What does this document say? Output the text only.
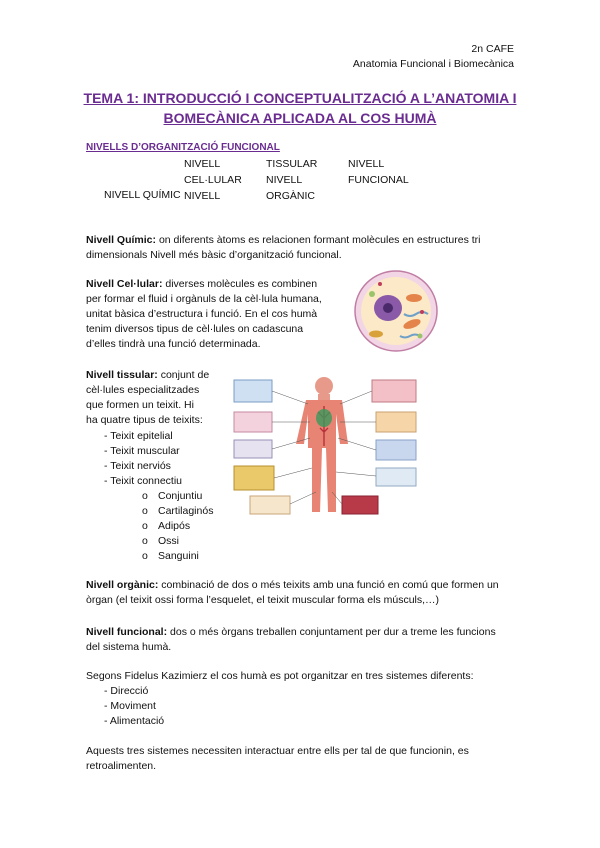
2n CAFE
Anatomia Funcional i Biomecànica
TEMA 1: INTRODUCCIÓ I CONCEPTUALITZACIÓ A L’ANATOMIA I
BOMECÀNICA APLICADA AL COS HUMÀ
NIVELLS D’ORGANITZACIÓ FUNCIONAL
NIVELL
CEL·LULAR
NIVELL
TISSULAR
NIVELL
ORGÀNIC
NIVELL
FUNCIONAL
NIVELL QUÍMIC
Nivell Químic: on diferents àtoms es relacionen formant molècules en estructures tri
dimensionals Nivell més bàsic d’organització funcional.
Nivell Cel·lular: diverses molècules es combinen
per formar el fluid i orgànuls de la cèl·lula humana,
unitat bàsica d’estructura i funció. En el cos humà
tenim diversos tipus de cèl·lules on cadascuna
d’elles tindrà una funció determinada.
Nivell tissular: conjunt de
cèl·lules especialitzades
que formen un teixit. Hi
ha quatre tipus de teixits:
- Teixit epitelial
- Teixit muscular
- Teixit nerviós
- Teixit connectiu
o Conjuntiu
o Cartilaginós
o Adipós
o Ossi
o Sanguini
Nivell orgànic: combinació de dos o més teixits amb una funció en comú que formen un
òrgan (el teixit ossi forma l’esquelet, el teixit muscular forma els músculs,…)
Nivell funcional: dos o més òrgans treballen conjuntament per dur a treme les funcions
del sistema humà.
Segons Fidelus Kazimierz el cos humà es pot organitzar en tres sistemes diferents:
- Direcció
- Moviment
- Alimentació
Aquests tres sistemes necessiten interactuar entre ells per tal de que funcionin, es
retroalimenten.
